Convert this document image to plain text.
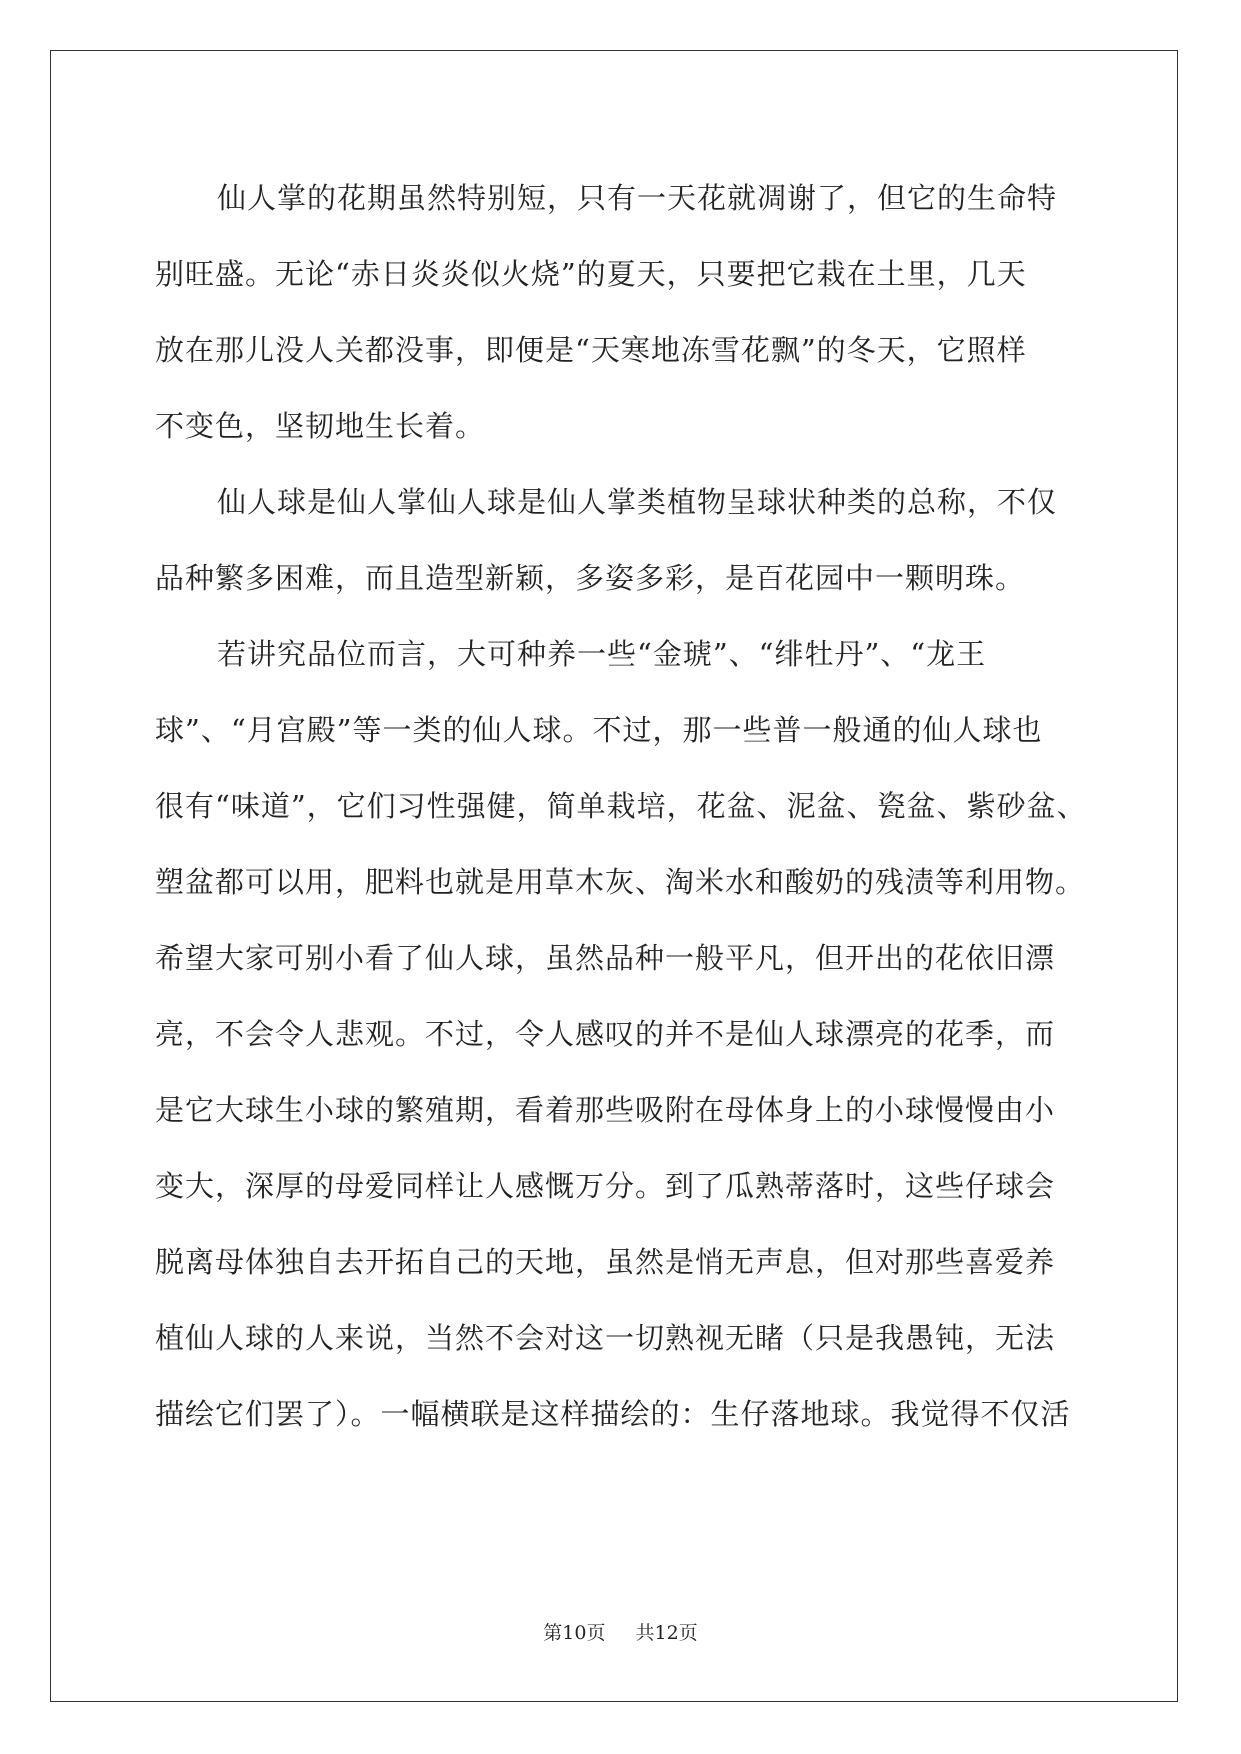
仙人掌的花期虽然特别短，只有一天花就凋谢了，但它的生命特
别旺盛。无论“赤日炎炎似火烧”的夏天，只要把它栽在土里，几天
放在那儿没人关都没事，即便是“天寒地冻雪花飘”的冬天，它照样
不变色，坚韧地生长着。
仙人球是仙人掌仙人球是仙人掌类植物呈球状种类的总称，不仅
品种繁多困难，而且造型新颖，多姿多彩，是百花园中一颗明珠。
若讲究品位而言，大可种养一些“金琥”、“绯牡丹”、“龙王
球”、“月宫殿”等一类的仙人球。不过，那一些普一般通的仙人球也
很有“味道”，它们习性强健，简单栽培，花盆、泥盆、瓷盆、紫砂盆、
塑盆都可以用，肥料也就是用草木灰、淘米水和酸奶的残渍等利用物。
希望大家可别小看了仙人球，虽然品种一般平凡，但开出的花依旧漂
亮，不会令人悲观。不过，令人感叹的并不是仙人球漂亮的花季，而
是它大球生小球的繁殖期，看着那些吸附在母体身上的小球慢慢由小
变大，深厚的母爱同样让人感慨万分。到了瓜熟蒂落时，这些仔球会
脱离母体独自去开拓自己的天地，虽然是悄无声息，但对那些喜爱养
植仙人球的人来说，当然不会对这一切熟视无睹（只是我愚钝，无法
描绘它们罢了）。一幅横联是这样描绘的：生仔落地球。我觉得不仅活
第10页 共12页
